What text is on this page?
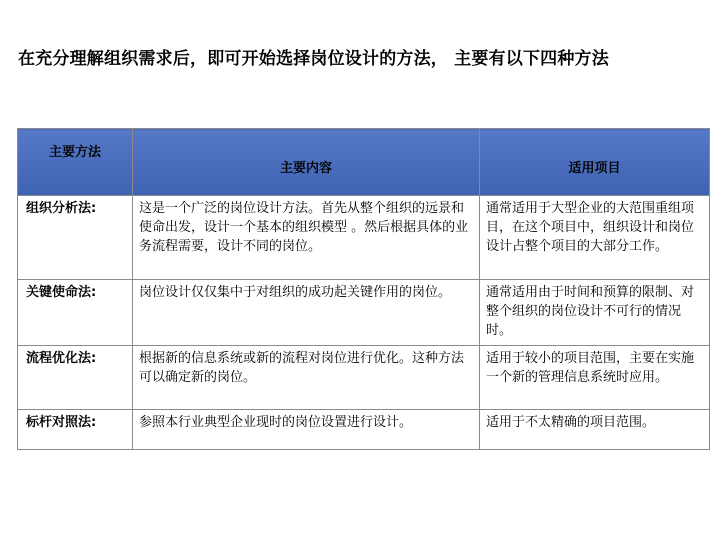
在充分理解组织需求后，即可开始选择岗位设计的方法， 主要有以下四种方法
主要方法	主要内容	适用项目
组织分析法:	这是一个广泛的岗位设计方法。首先从整个组织的远景和使命出发，设计一个基本的组织模型 。然后根据具体的业务流程需要，设计不同的岗位。	通常适用于大型企业的大范围重组项目，在这个项目中，组织设计和岗位设计占整个项目的大部分工作。
关键使命法:	岗位设计仅仅集中于对组织的成功起关键作用的岗位。	通常适用由于时间和预算的限制、对整个组织的岗位设计不可行的情况时。
流程优化法:	根据新的信息系统或新的流程对岗位进行优化。这种方法可以确定新的岗位。	适用于较小的项目范围，主要在实施一个新的管理信息系统时应用。
标杆对照法:	参照本行业典型企业现时的岗位设置进行设计。	适用于不太精确的项目范围。
